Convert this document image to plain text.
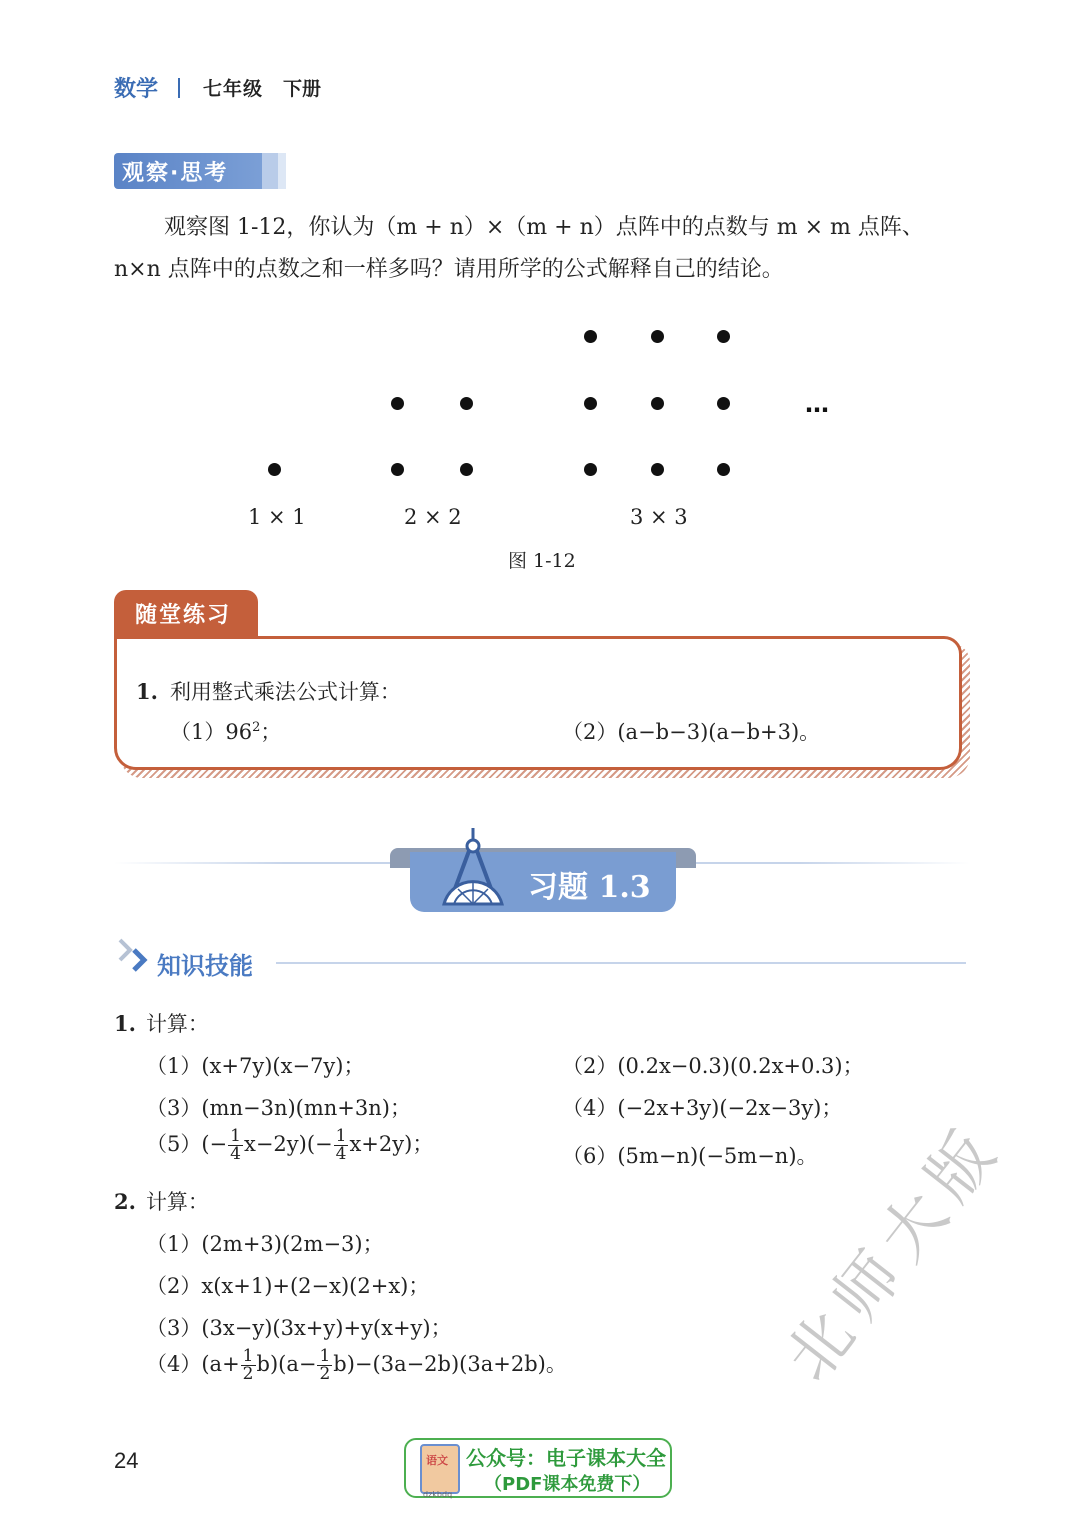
数学 七年级 下册
观察·思考
观察图 1-12，你认为（m + n）×（m + n）点阵中的点数与 m × m 点阵、
n×n 点阵中的点数之和一样多吗？请用所学的公式解释自己的结论。
…
1 × 1	2 × 2	3 × 3
图 1-12
随堂练习
1. 利用整式乘法公式计算：
$(1)96^2$；	（2）(a−b−3)(a−b+3)。
习题 1.3
知识技能
1. 计算：
（1）(x+7y)(x−7y)；	（2）(0.2x−0.3)(0.2x+0.3)；
（3）(mn−3n)(mn+3n)；	（4）(−2x+3y)(−2x−3y)；
$(5)(- \frac{1}{4} x-2y)(- \frac{1}{4} x+2y)$；	（6）(5m−n)(−5m−n)。
2. 计算：
（1）(2m+3)(2m−3)；
（2）x(x+1)+(2−x)(2+x)；
（3）(3x−y)(3x+y)+y(x+y)；
$(4)(a+ \frac{1}{2} b)(a- \frac{1}{2} b)-(3a-2b)(3a+2b)$。	北师大版
24	语文
dzkbdq
公众号：电子课本大全
（PDF课本免费下）
